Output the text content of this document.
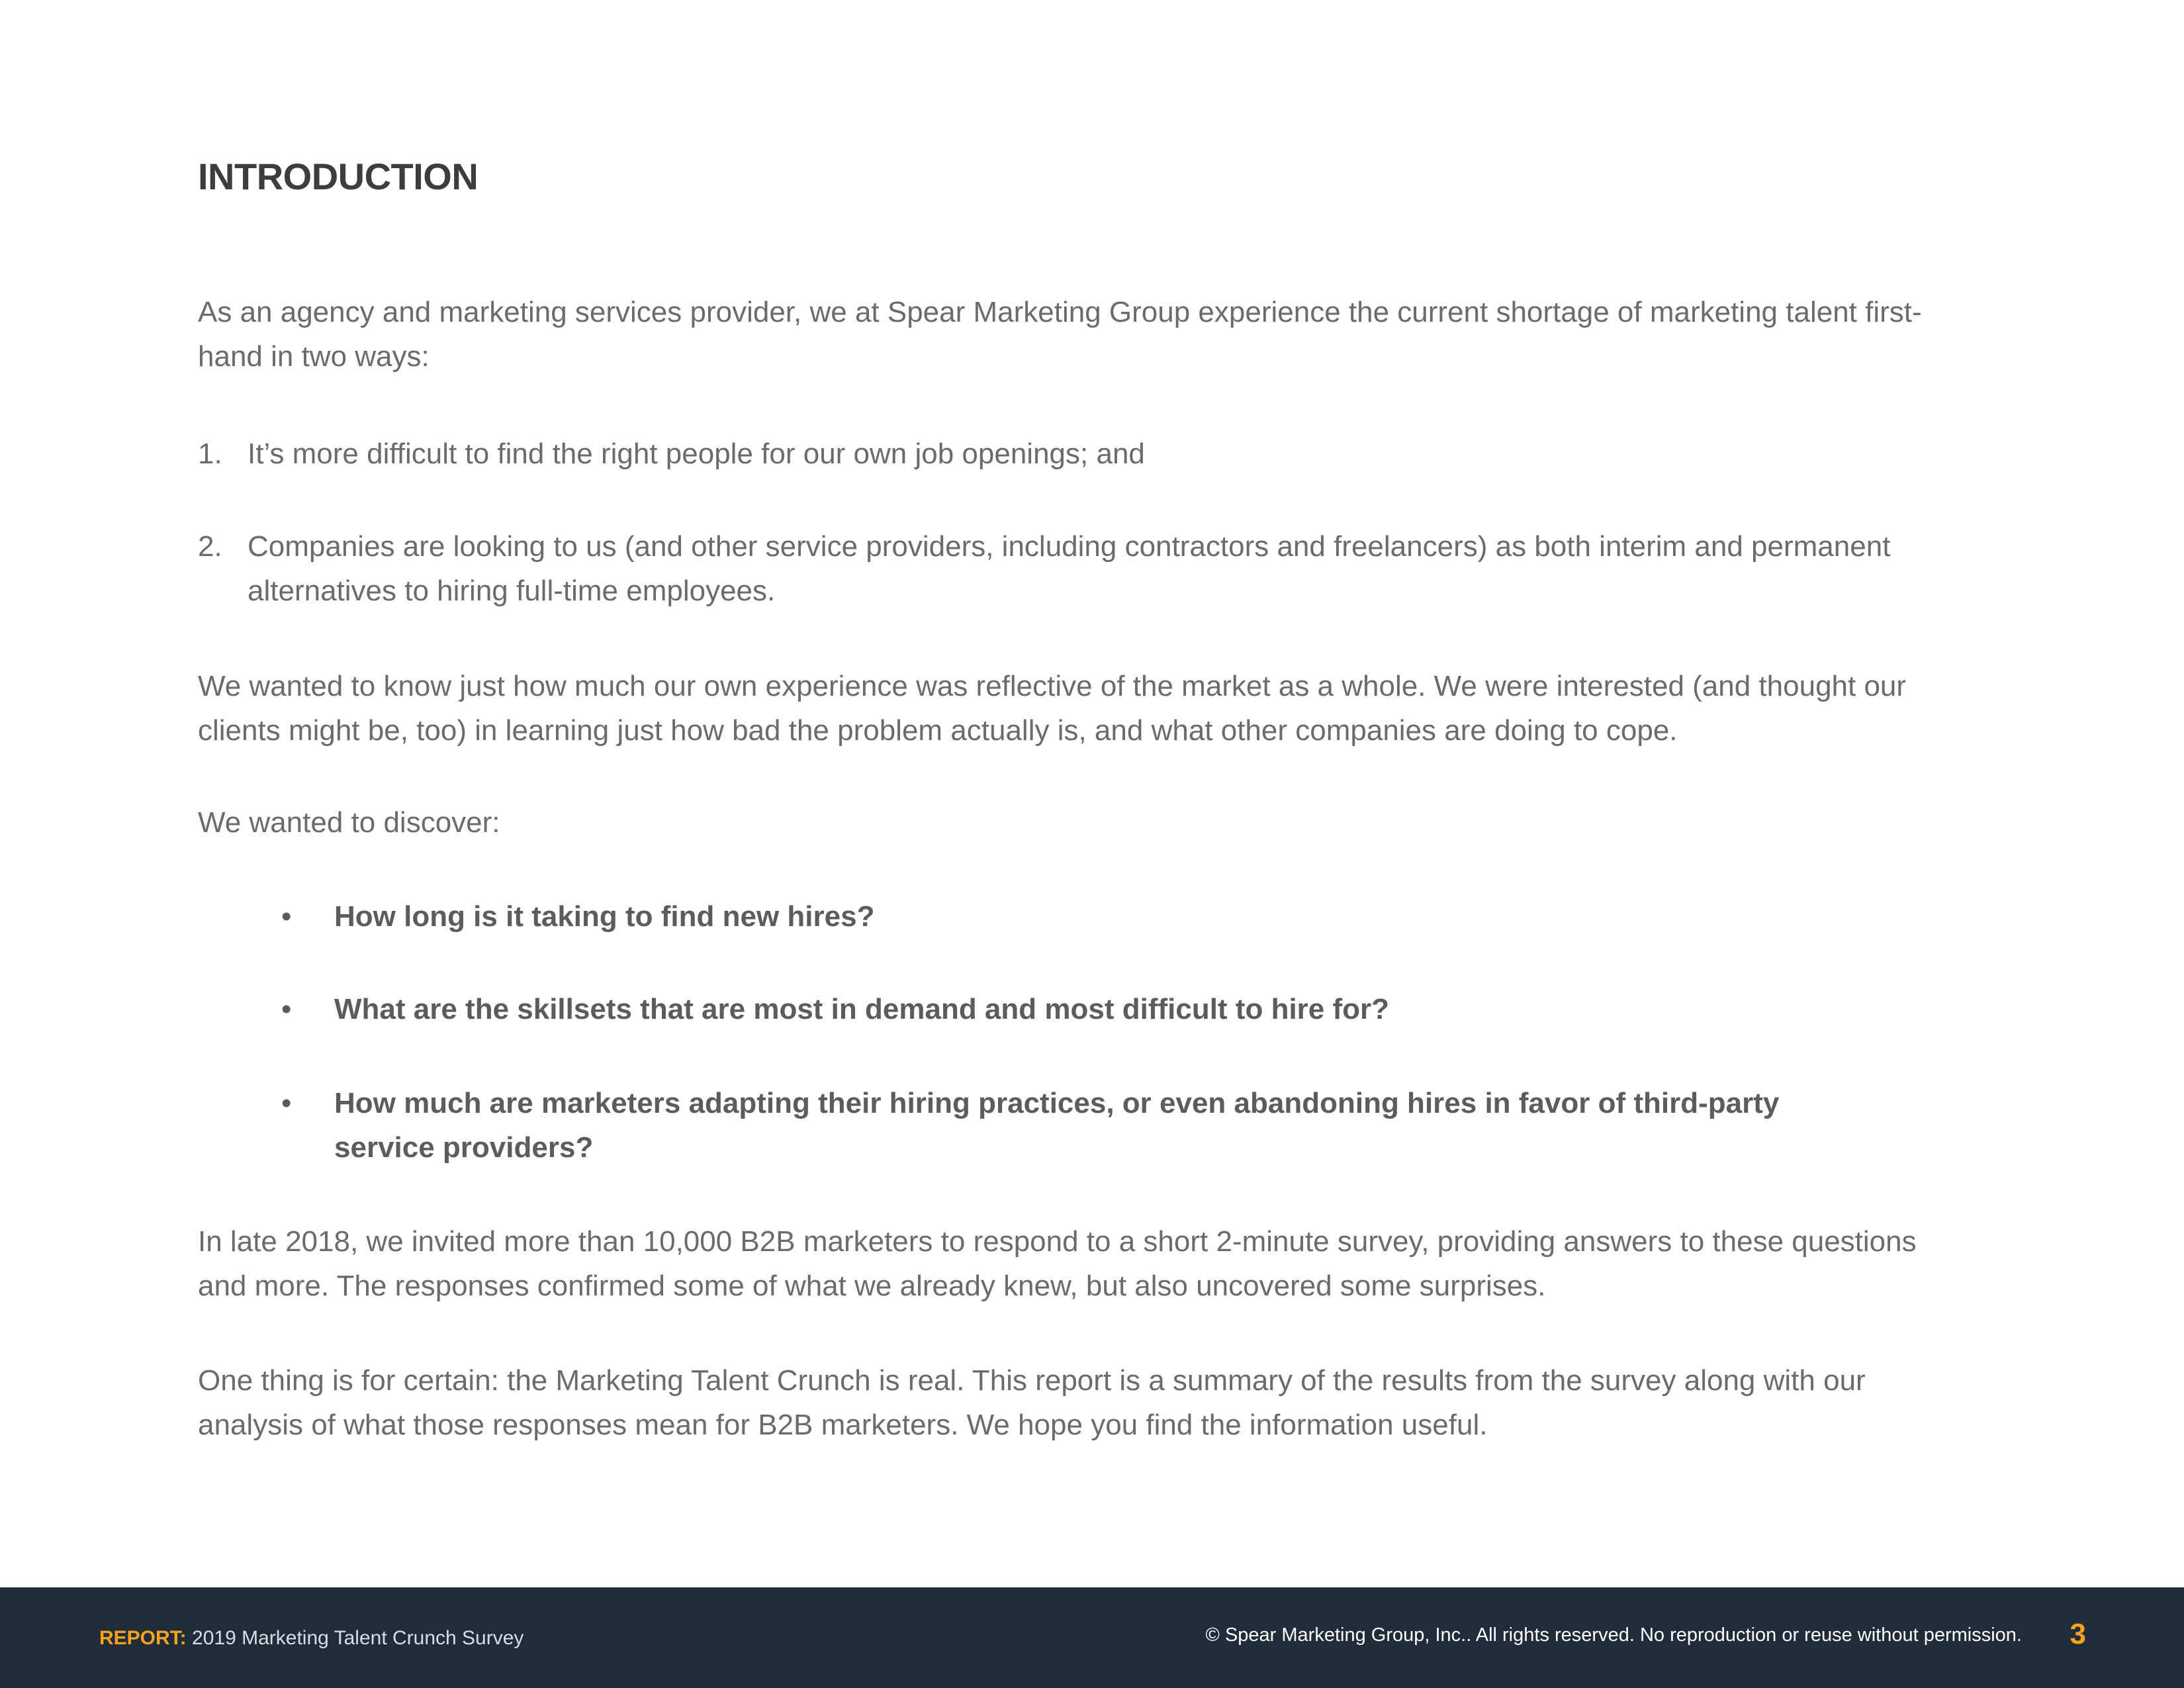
INTRODUCTION

As an agency and marketing services provider, we at Spear Marketing Group experience the current shortage of marketing talent first-hand in two ways:

1. It’s more difficult to find the right people for our own job openings; and
2. Companies are looking to us (and other service providers, including contractors and freelancers) as both interim and permanent alternatives to hiring full-time employees.

We wanted to know just how much our own experience was reflective of the market as a whole. We were interested (and thought our clients might be, too) in learning just how bad the problem actually is, and what other companies are doing to cope.

We wanted to discover:

• How long is it taking to find new hires?
• What are the skillsets that are most in demand and most difficult to hire for?
• How much are marketers adapting their hiring practices, or even abandoning hires in favor of third-party service providers?

In late 2018, we invited more than 10,000 B2B marketers to respond to a short 2-minute survey, providing answers to these questions and more. The responses confirmed some of what we already knew, but also uncovered some surprises.

One thing is for certain: the Marketing Talent Crunch is real. This report is a summary of the results from the survey along with our analysis of what those responses mean for B2B marketers. We hope you find the information useful.

REPORT: 2019 Marketing Talent Crunch Survey	© Spear Marketing Group, Inc.. All rights reserved. No reproduction or reuse without permission. 3
